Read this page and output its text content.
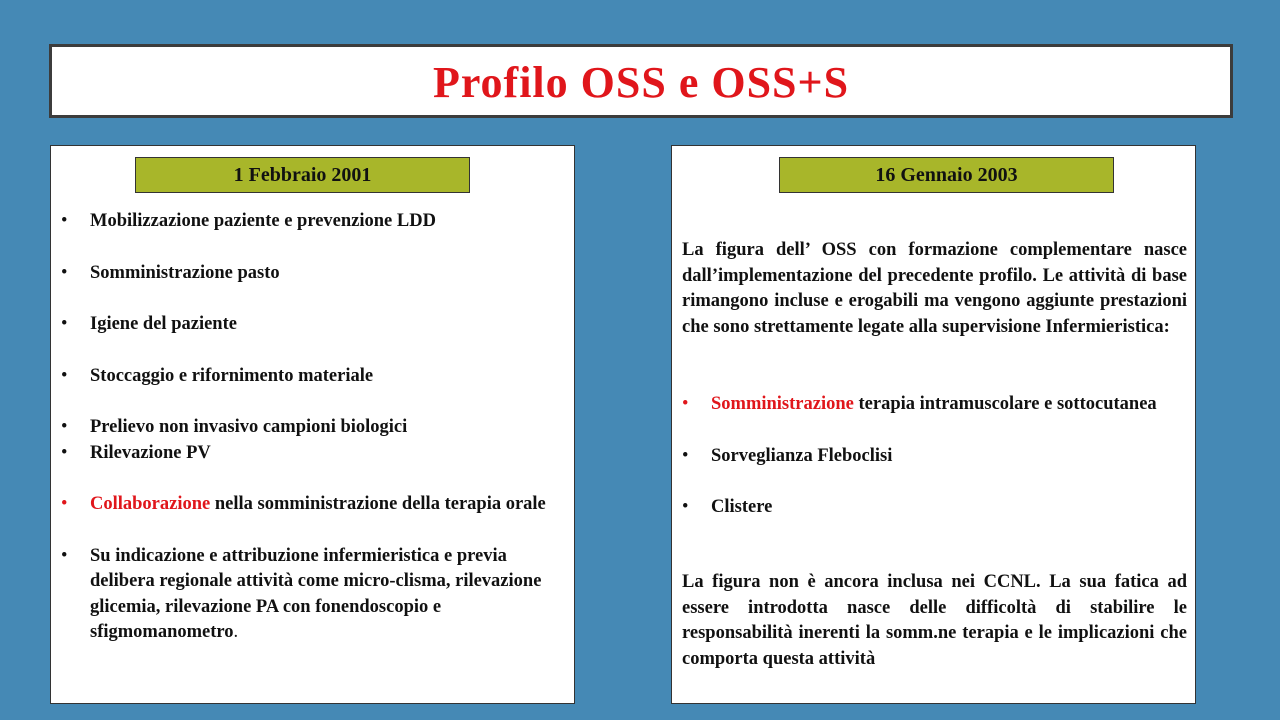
Profilo OSS e OSS+S
1 Febbraio 2001
• Mobilizzazione paziente e prevenzione LDD
• Somministrazione pasto
• Igiene del paziente
• Stoccaggio e rifornimento materiale
• Prelievo non invasivo campioni biologici
• Rilevazione PV
• Collaborazione nella somministrazione della terapia orale
• Su indicazione e attribuzione infermieristica e previa delibera regionale attività come micro-clisma, rilevazione glicemia, rilevazione PA con fonendoscopio e sfigmomanometro.
16 Gennaio 2003
La figura dell’ OSS con formazione complementare nasce dall’implementazione del precedente profilo. Le attività di base rimangono incluse e erogabili ma vengono aggiunte prestazioni che sono strettamente legate alla supervisione Infermieristica:
• Somministrazione terapia intramuscolare e sottocutanea
• Sorveglianza Fleboclisi
• Clistere
La figura non è ancora inclusa nei CCNL. La sua fatica ad essere introdotta nasce delle difficoltà di stabilire le responsabilità inerenti la somm.ne terapia e le implicazioni che comporta questa attività
